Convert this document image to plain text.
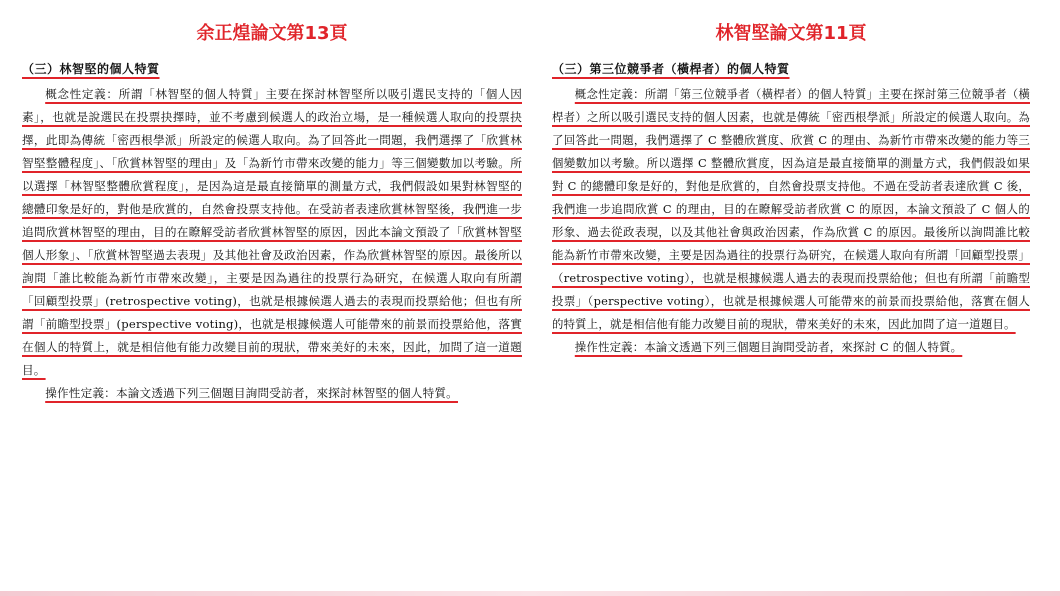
余正煌論文第13頁
（三）林智堅的個人特質

概念性定義：所謂「林智堅的個人特質」主要在探討林智堅所以吸引選民支持的「個人因素」，也就是說選民在投票抉擇時，並不考慮到候選人的政治立場，是一種候選人取向的投票抉擇，此即為傳統「密西根學派」所設定的候選人取向。為了回答此一問題，我們選擇了「欣賞林智堅整體程度」、「欣賞林智堅的理由」及「為新竹市帶來改變的能力」等三個變數加以考驗。所以選擇「林智堅整體欣賞程度」，是因為這是最直接簡單的測量方式，我們假設如果對林智堅的總體印象是好的，對他是欣賞的，自然會投票支持他。在受訪者表達欣賞林智堅後，我們進一步追問欣賞林智堅的理由，目的在瞭解受訪者欣賞林智堅的原因，因此本論文預設了「欣賞林智堅個人形象」、「欣賞林智堅過去表現」及其他社會及政治因素，作為欣賞林智堅的原因。最後所以詢問「誰比較能為新竹市帶來改變」，主要是因為過往的投票行為研究，在候選人取向有所謂「回顧型投票」(retrospective voting)，也就是根據候選人過去的表現而投票給他；但也有所謂「前瞻型投票」(perspective voting)，也就是根據候選人可能帶來的前景而投票給他，落實在個人的特質上，就是相信他有能力改變目前的現狀，帶來美好的未來，因此，加問了這一道題目。

操作性定義：本論文透過下列三個題目詢問受訪者，來探討林智堅的個人特質。

林智堅論文第11頁
（三）第三位競爭者（橫桿者）的個人特質

概念性定義：所謂「第三位競爭者（橫桿者）的個人特質」主要在探討第三位競爭者（橫桿者）之所以吸引選民支持的個人因素，也就是傳統「密西根學派」所設定的候選人取向。為了回答此一問題，我們選擇了 C 整體欣賞度、欣賞 C 的理由、為新竹市帶來改變的能力等三個變數加以考驗。所以選擇 C 整體欣賞度，因為這是最直接簡單的測量方式，我們假設如果對 C 的總體印象是好的，對他是欣賞的，自然會投票支持他。不過在受訪者表達欣賞 C 後，我們進一步追問欣賞 C 的理由，目的在瞭解受訪者欣賞 C 的原因，本論文預設了 C 個人的形象、過去從政表現，以及其他社會與政治因素，作為欣賞 C 的原因。最後所以詢問誰比較能為新竹市帶來改變，主要是因為過往的投票行為研究，在候選人取向有所謂「回顧型投票」（retrospective voting），也就是根據候選人過去的表現而投票給他；但也有所謂「前瞻型投票」（perspective voting），也就是根據候選人可能帶來的前景而投票給他，落實在個人的特質上，就是相信他有能力改變目前的現狀，帶來美好的未來，因此加問了這一道題目。

操作性定義：本論文透過下列三個題目詢問受訪者，來探討 C 的個人特質。
